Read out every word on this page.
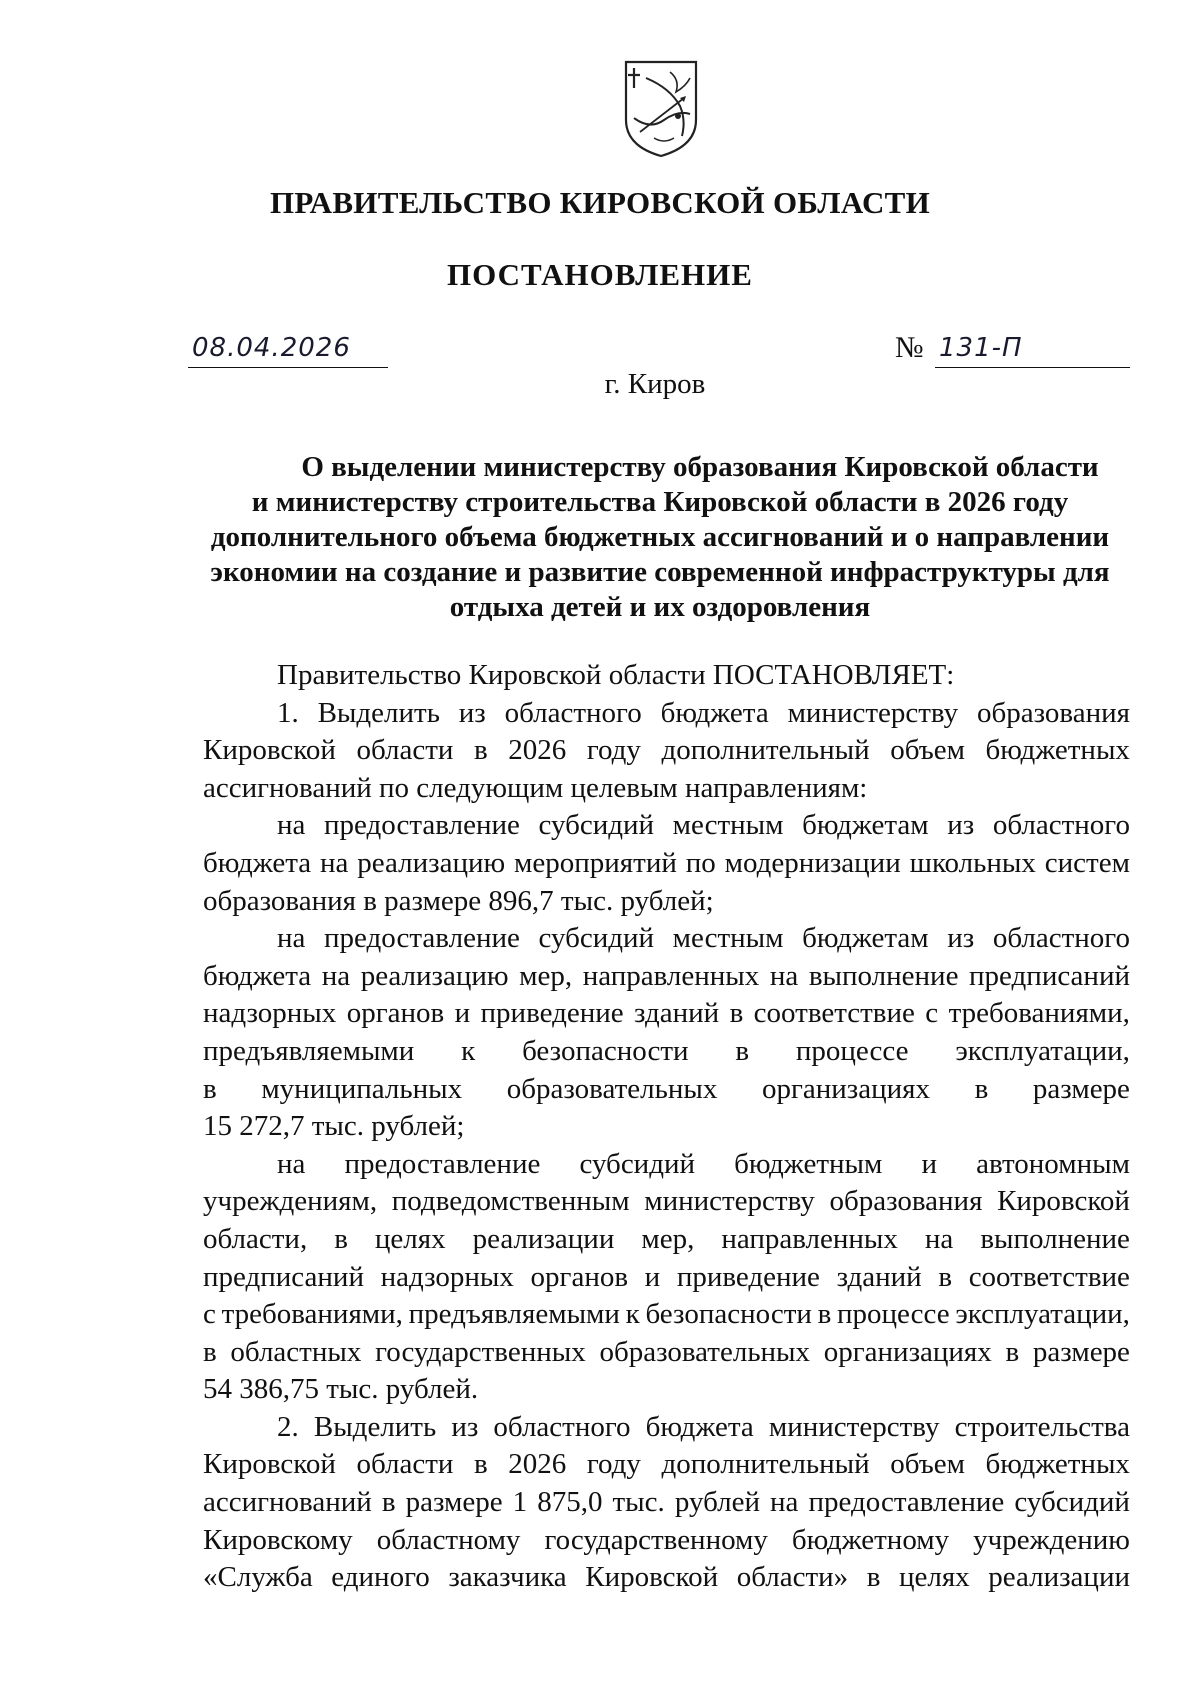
ПРАВИТЕЛЬСТВО КИРОВСКОЙ ОБЛАСТИ
ПОСТАНОВЛЕНИЕ
08.04.2026	№ 131-П
г. Киров
О выделении министерству образования Кировской области
и министерству строительства Кировской области в 2026 году
дополнительного объема бюджетных ассигнований и о направлении
экономии на создание и развитие современной инфраструктуры для
отдыха детей и их оздоровления
Правительство Кировской области ПОСТАНОВЛЯЕТ:
1. Выделить из областного бюджета министерству образования
Кировской области в 2026 году дополнительный объем бюджетных
ассигнований по следующим целевым направлениям:
на предоставление субсидий местным бюджетам из областного
бюджета на реализацию мероприятий по модернизации школьных систем
образования в размере 896,7 тыс. рублей;
на предоставление субсидий местным бюджетам из областного
бюджета на реализацию мер, направленных на выполнение предписаний
надзорных органов и приведение зданий в соответствие с требованиями,
предъявляемыми к безопасности в процессе эксплуатации,
в муниципальных образовательных организациях в размере
15 272,7 тыс. рублей;
на предоставление субсидий бюджетным и автономным
учреждениям, подведомственным министерству образования Кировской
области, в целях реализации мер, направленных на выполнение
предписаний надзорных органов и приведение зданий в соответствие
с требованиями, предъявляемыми к безопасности в процессе эксплуатации,
в областных государственных образовательных организациях в размере
54 386,75 тыс. рублей.
2. Выделить из областного бюджета министерству строительства
Кировской области в 2026 году дополнительный объем бюджетных
ассигнований в размере 1 875,0 тыс. рублей на предоставление субсидий
Кировскому областному государственному бюджетному учреждению
«Служба единого заказчика Кировской области» в целях реализации
